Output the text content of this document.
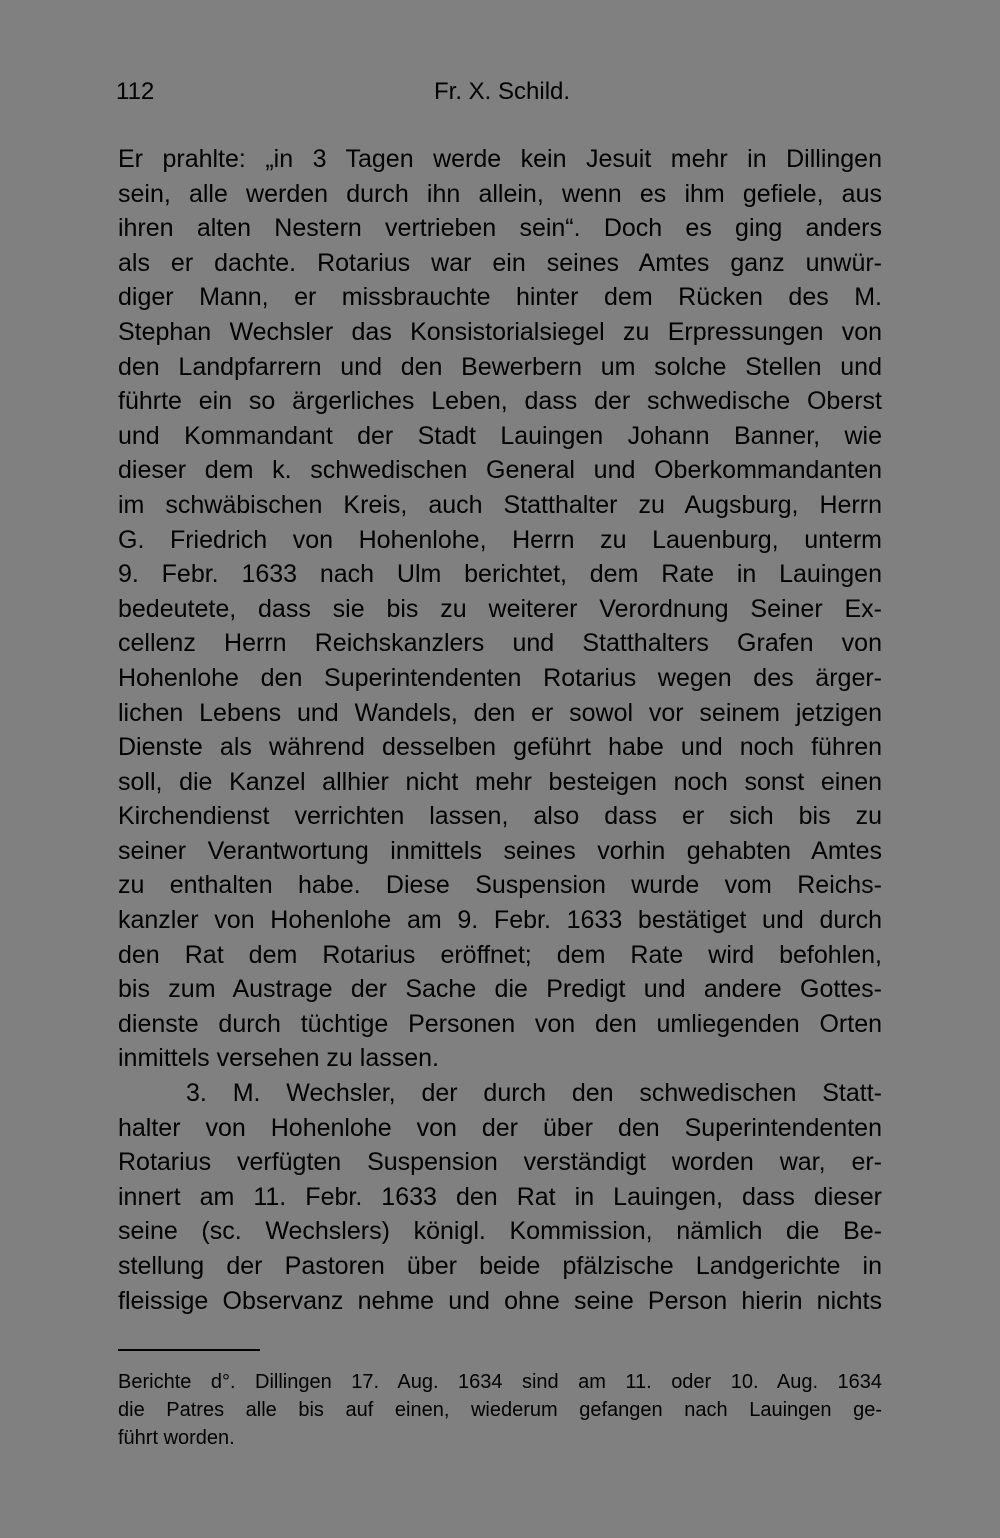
112	Fr. X. Schild.
Er prahlte: „in 3 Tagen werde kein Jesuit mehr in Dillingen
sein, alle werden durch ihn allein, wenn es ihm gefiele, aus
ihren alten Nestern vertrieben sein“. Doch es ging anders
als er dachte. Rotarius war ein seines Amtes ganz unwür-
diger Mann, er missbrauchte hinter dem Rücken des M.
Stephan Wechsler das Konsistorialsiegel zu Erpressungen von
den Landpfarrern und den Bewerbern um solche Stellen und
führte ein so ärgerliches Leben, dass der schwedische Oberst
und Kommandant der Stadt Lauingen Johann Banner, wie
dieser dem k. schwedischen General und Oberkommandanten
im schwäbischen Kreis, auch Statthalter zu Augsburg, Herrn
G. Friedrich von Hohenlohe, Herrn zu Lauenburg, unterm
9. Febr. 1633 nach Ulm berichtet, dem Rate in Lauingen
bedeutete, dass sie bis zu weiterer Verordnung Seiner Ex-
cellenz Herrn Reichskanzlers und Statthalters Grafen von
Hohenlohe den Superintendenten Rotarius wegen des ärger-
lichen Lebens und Wandels, den er sowol vor seinem jetzigen
Dienste als während desselben geführt habe und noch führen
soll, die Kanzel allhier nicht mehr besteigen noch sonst einen
Kirchendienst verrichten lassen, also dass er sich bis zu
seiner Verantwortung inmittels seines vorhin gehabten Amtes
zu enthalten habe. Diese Suspension wurde vom Reichs-
kanzler von Hohenlohe am 9. Febr. 1633 bestätiget und durch
den Rat dem Rotarius eröffnet; dem Rate wird befohlen,
bis zum Austrage der Sache die Predigt und andere Gottes-
dienste durch tüchtige Personen von den umliegenden Orten
inmittels versehen zu lassen.
3. M. Wechsler, der durch den schwedischen Statt-
halter von Hohenlohe von der über den Superintendenten
Rotarius verfügten Suspension verständigt worden war, er-
innert am 11. Febr. 1633 den Rat in Lauingen, dass dieser
seine (sc. Wechslers) königl. Kommission, nämlich die Be-
stellung der Pastoren über beide pfälzische Landgerichte in
fleissige Observanz nehme und ohne seine Person hierin nichts
Berichte d°. Dillingen 17. Aug. 1634 sind am 11. oder 10. Aug. 1634
die Patres alle bis auf einen, wiederum gefangen nach Lauingen ge-
führt worden.
